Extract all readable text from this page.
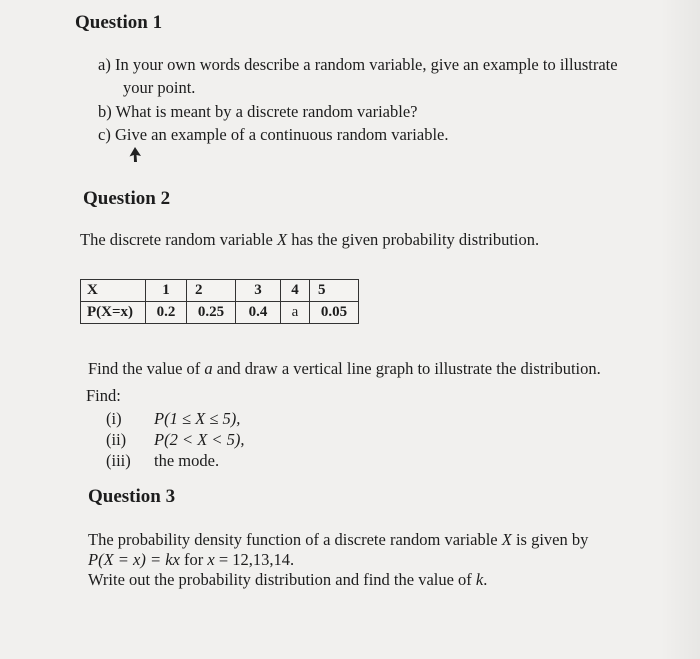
Question 1
a) In your own words describe a random variable, give an example to illustrate
your point.
b) What is meant by a discrete random variable?
c) Give an example of a continuous random variable.
Question 2
The discrete random variable X has the given probability distribution.
X	1	2	3	4	5
P(X=x)	0.2	0.25	0.4	a	0.05
Find the value of a and draw a vertical line graph to illustrate the distribution.
Find:
(i) P(1 ≤ X ≤ 5),
(ii) P(2 < X < 5),
(iii) the mode.
Question 3
The probability density function of a discrete random variable X is given by
P(X = x) = kx for x = 12,13,14.
Write out the probability distribution and find the value of k.
